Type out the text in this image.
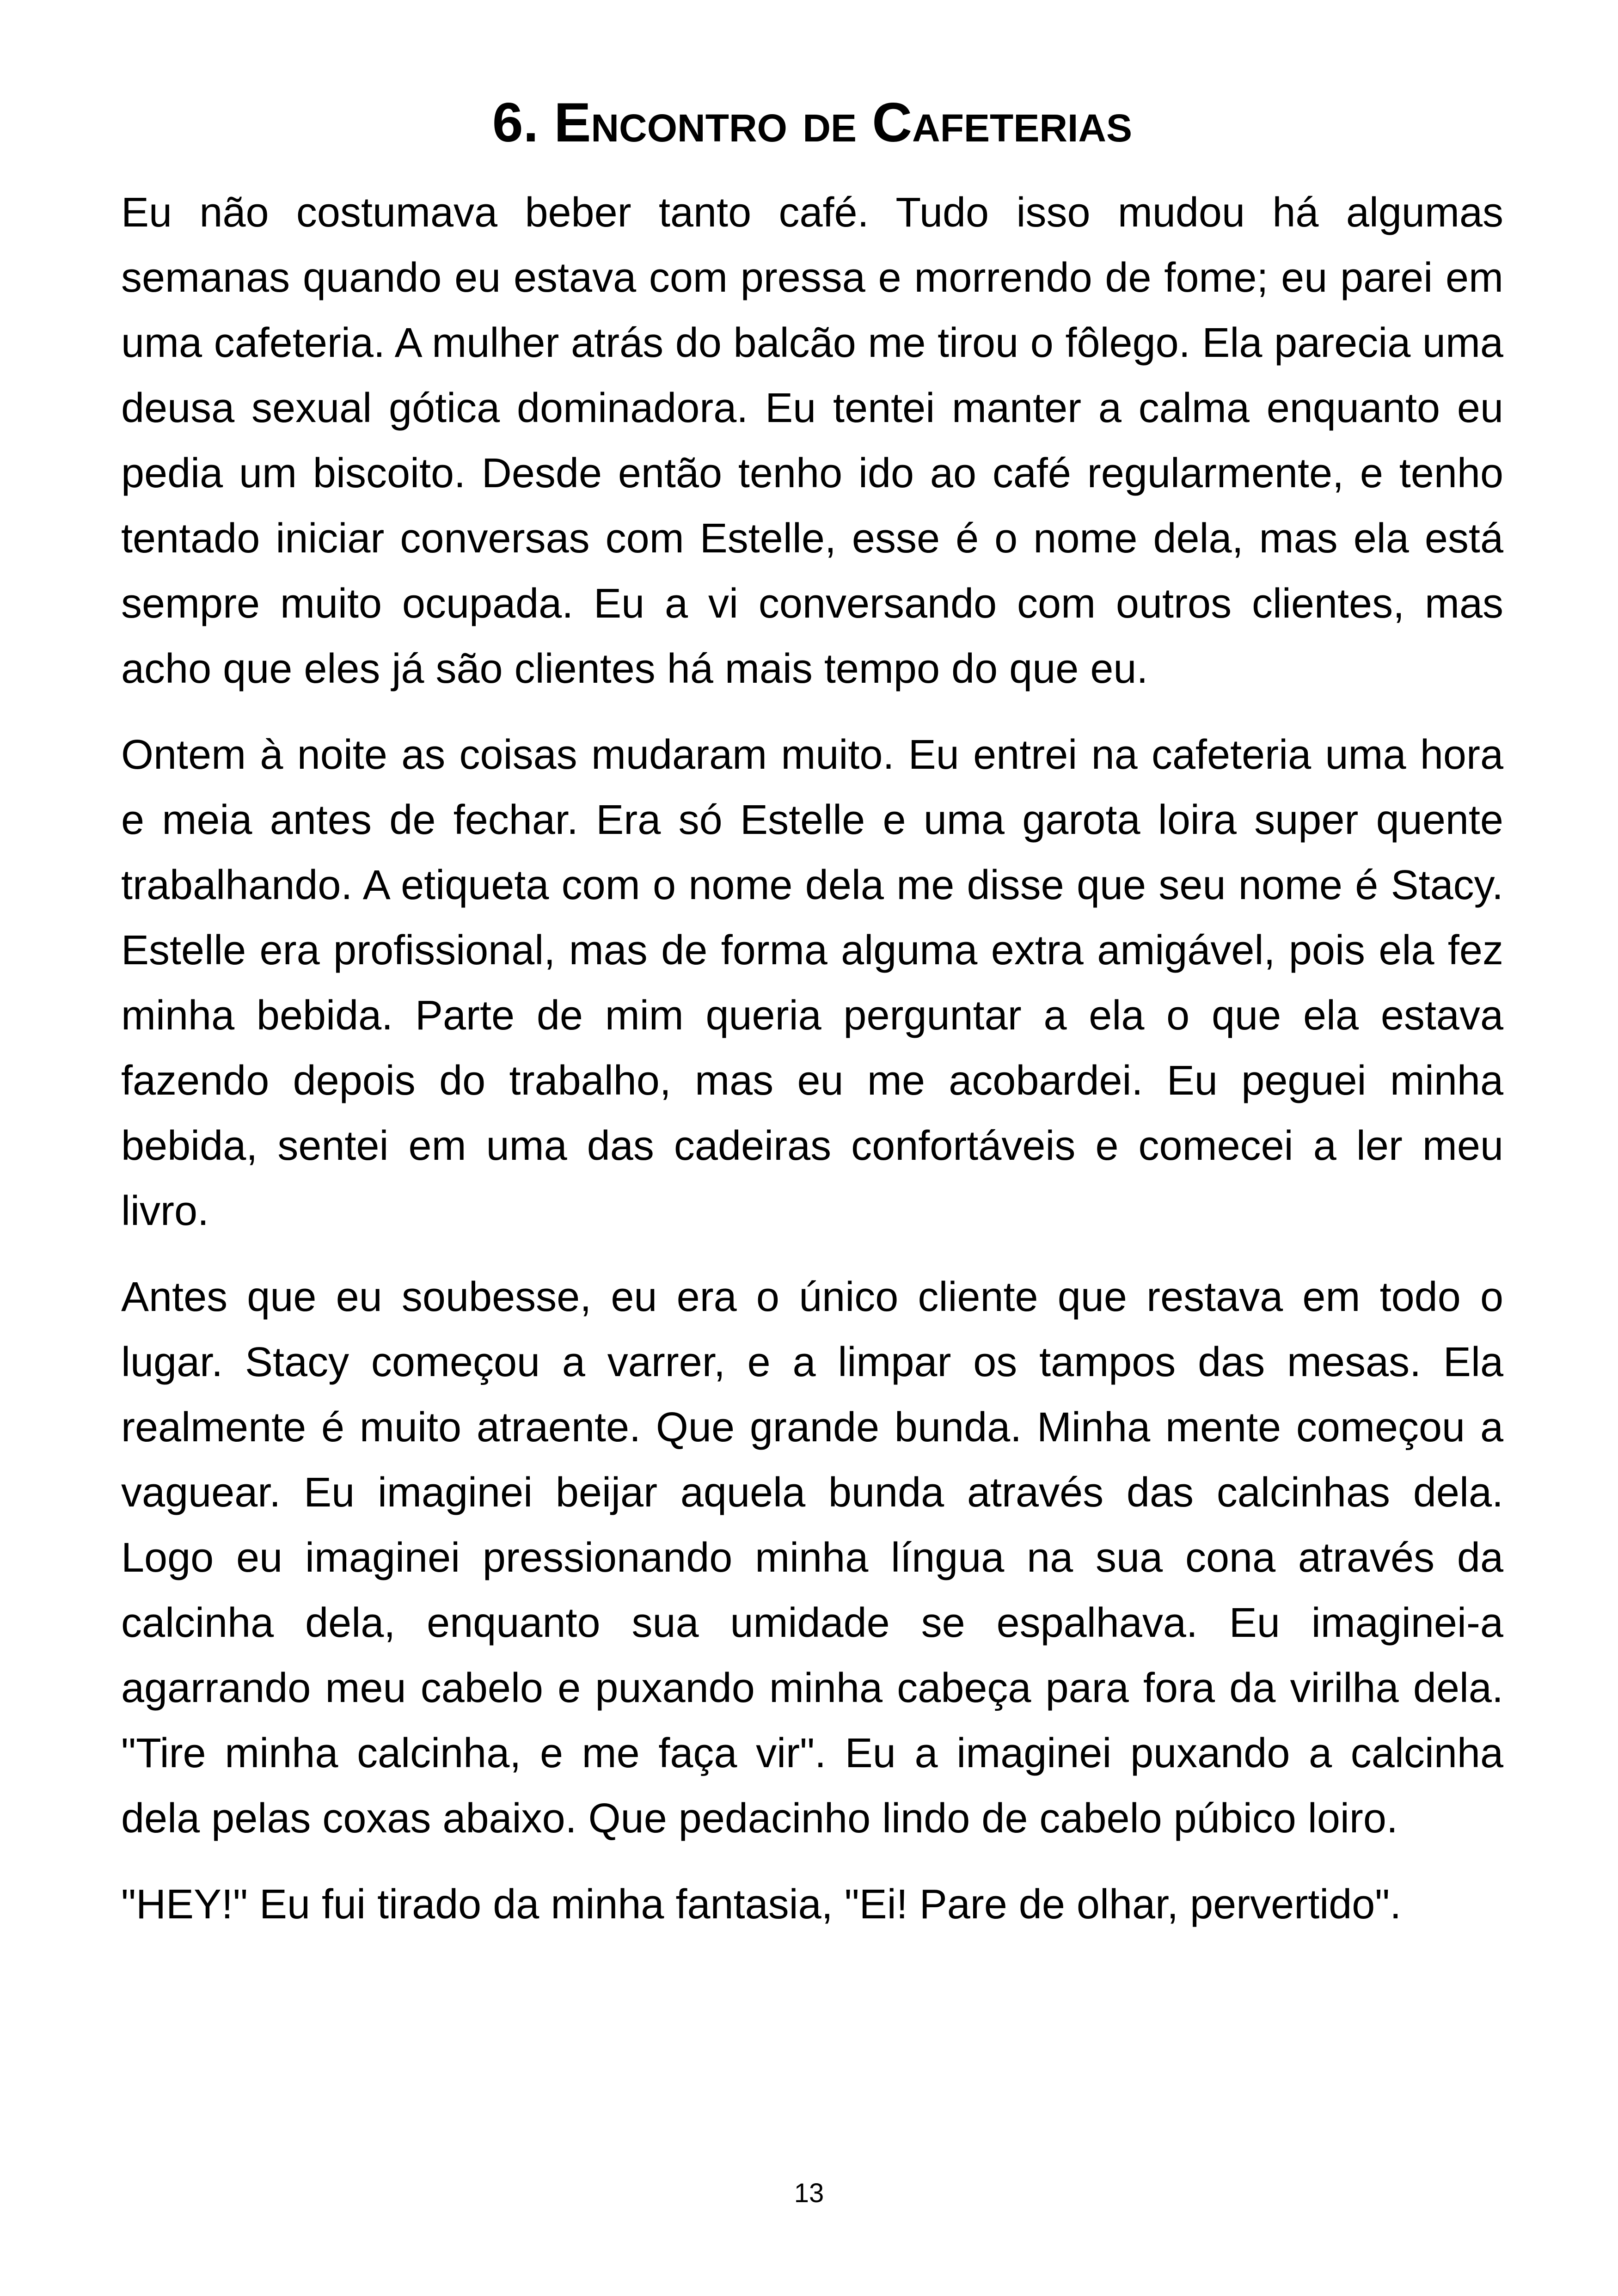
6. Encontro de Cafeterias

Eu não costumava beber tanto café. Tudo isso mudou há algumas semanas quando eu estava com pressa e morrendo de fome; eu parei em uma cafeteria. A mulher atrás do balcão me tirou o fôlego. Ela parecia uma deusa sexual gótica dominadora. Eu tentei manter a calma enquanto eu pedia um biscoito. Desde então tenho ido ao café regularmente, e tenho tentado iniciar conversas com Estelle, esse é o nome dela, mas ela está sempre muito ocupada. Eu a vi conversando com outros clientes, mas acho que eles já são clientes há mais tempo do que eu.

Ontem à noite as coisas mudaram muito. Eu entrei na cafeteria uma hora e meia antes de fechar. Era só Estelle e uma garota loira super quente trabalhando. A etiqueta com o nome dela me disse que seu nome é Stacy. Estelle era profissional, mas de forma alguma extra amigável, pois ela fez minha bebida. Parte de mim queria perguntar a ela o que ela estava fazendo depois do trabalho, mas eu me acobardei. Eu peguei minha bebida, sentei em uma das cadeiras confortáveis e comecei a ler meu livro.

Antes que eu soubesse, eu era o único cliente que restava em todo o lugar. Stacy começou a varrer, e a limpar os tampos das mesas. Ela realmente é muito atraente. Que grande bunda. Minha mente começou a vaguear. Eu imaginei beijar aquela bunda através das calcinhas dela. Logo eu imaginei pressionando minha língua na sua cona através da calcinha dela, enquanto sua umidade se espalhava. Eu imaginei-a agarrando meu cabelo e puxando minha cabeça para fora da virilha dela. "Tire minha calcinha, e me faça vir". Eu a imaginei puxando a calcinha dela pelas coxas abaixo. Que pedacinho lindo de cabelo púbico loiro.

"HEY!" Eu fui tirado da minha fantasia, "Ei! Pare de olhar, pervertido".

13
